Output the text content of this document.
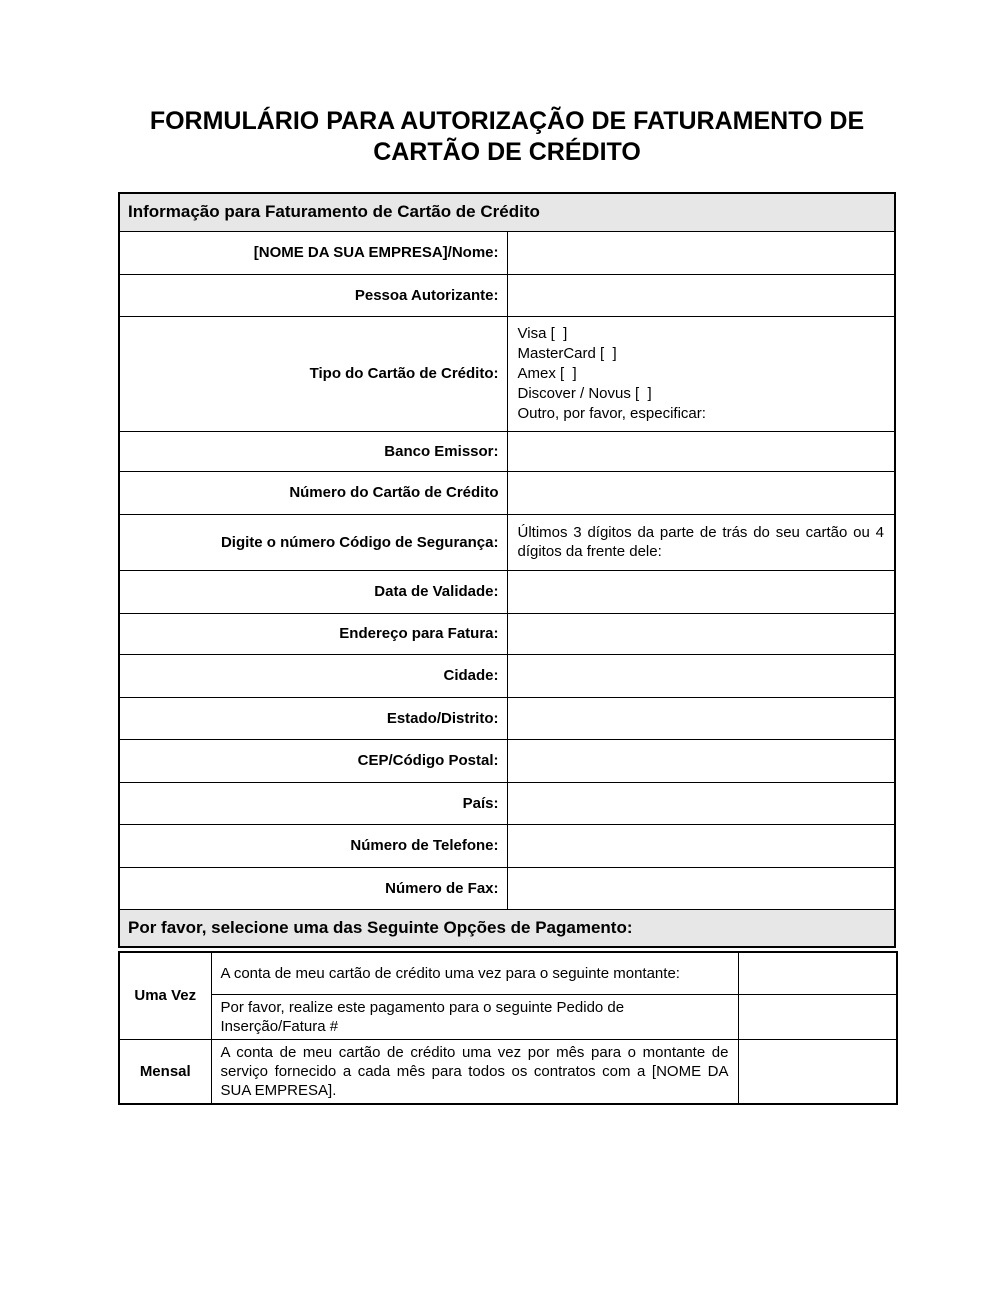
FORMULÁRIO PARA AUTORIZAÇÃO DE FATURAMENTO DE CARTÃO DE CRÉDITO
Informação para Faturamento de Cartão de Crédito	
[NOME DA SUA EMPRESA]/Nome:	
Pessoa Autorizante:	
Tipo do Cartão de Crédito:	Visa [  ]
MasterCard [  ]
Amex [  ]
Discover / Novus [  ]
Outro, por favor, especificar:

Banco Emissor:	
Número do Cartão de Crédito	
Digite o número Código de Segurança:	Últimos 3 dígitos da parte de trás do seu cartão ou 4 dígitos da frente dele:
Data de Validade:	
Endereço para Fatura:	
Cidade:	
Estado/Distrito:	
CEP/Código Postal:	
País:	
Número de Telefone:	
Número de Fax:	
Por favor, selecione uma das Seguinte Opções de Pagamento:	
Uma Vez	A conta de meu cartão de crédito uma vez para o seguinte montante:	
	Por favor, realize este pagamento para o seguinte Pedido de Inserção/Fatura #	
Mensal	A conta de meu cartão de crédito uma vez por mês para o montante de serviço fornecido a cada mês para todos os contratos com a [NOME DA SUA EMPRESA].	
